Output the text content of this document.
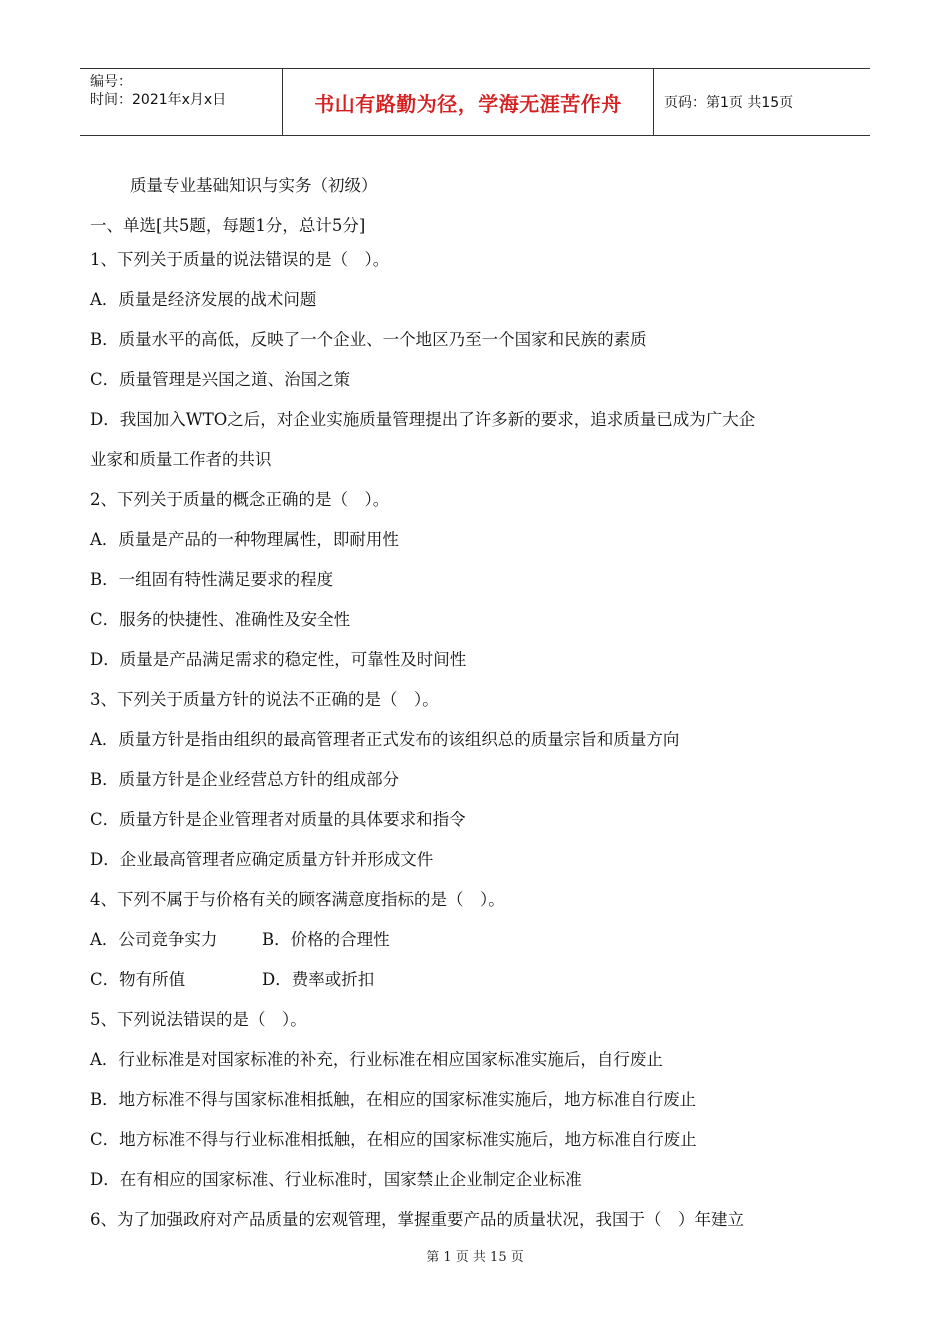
编号：
时间：2021年x月x日	书山有路勤为径，学海无涯苦作舟	页码：第1页 共15页
质量专业基础知识与实务（初级）
一、单选[共5题，每题1分，总计5分]
1、下列关于质量的说法错误的是（　）。
A．质量是经济发展的战术问题
B．质量水平的高低，反映了一个企业、一个地区乃至一个国家和民族的素质
C．质量管理是兴国之道、治国之策
D．我国加入WTO之后，对企业实施质量管理提出了许多新的要求，追求质量已成为广大企
业家和质量工作者的共识
2、下列关于质量的概念正确的是（　）。
A．质量是产品的一种物理属性，即耐用性
B．一组固有特性满足要求的程度
C．服务的快捷性、准确性及安全性
D．质量是产品满足需求的稳定性，可靠性及时间性
3、下列关于质量方针的说法不正确的是（　）。
A．质量方针是指由组织的最高管理者正式发布的该组织总的质量宗旨和质量方向
B．质量方针是企业经营总方针的组成部分
C．质量方针是企业管理者对质量的具体要求和指令
D．企业最高管理者应确定质量方针并形成文件
4、下列不属于与价格有关的顾客满意度指标的是（　）。
A．公司竞争实力	B．价格的合理性
C．物有所值	D．费率或折扣
5、下列说法错误的是（　）。
A．行业标准是对国家标准的补充，行业标准在相应国家标准实施后，自行废止
B．地方标准不得与国家标准相抵触，在相应的国家标准实施后，地方标准自行废止
C．地方标准不得与行业标准相抵触，在相应的国家标准实施后，地方标准自行废止
D．在有相应的国家标准、行业标准时，国家禁止企业制定企业标准
6、为了加强政府对产品质量的宏观管理，掌握重要产品的质量状况，我国于（　）年建立
第 1 页 共 15 页
